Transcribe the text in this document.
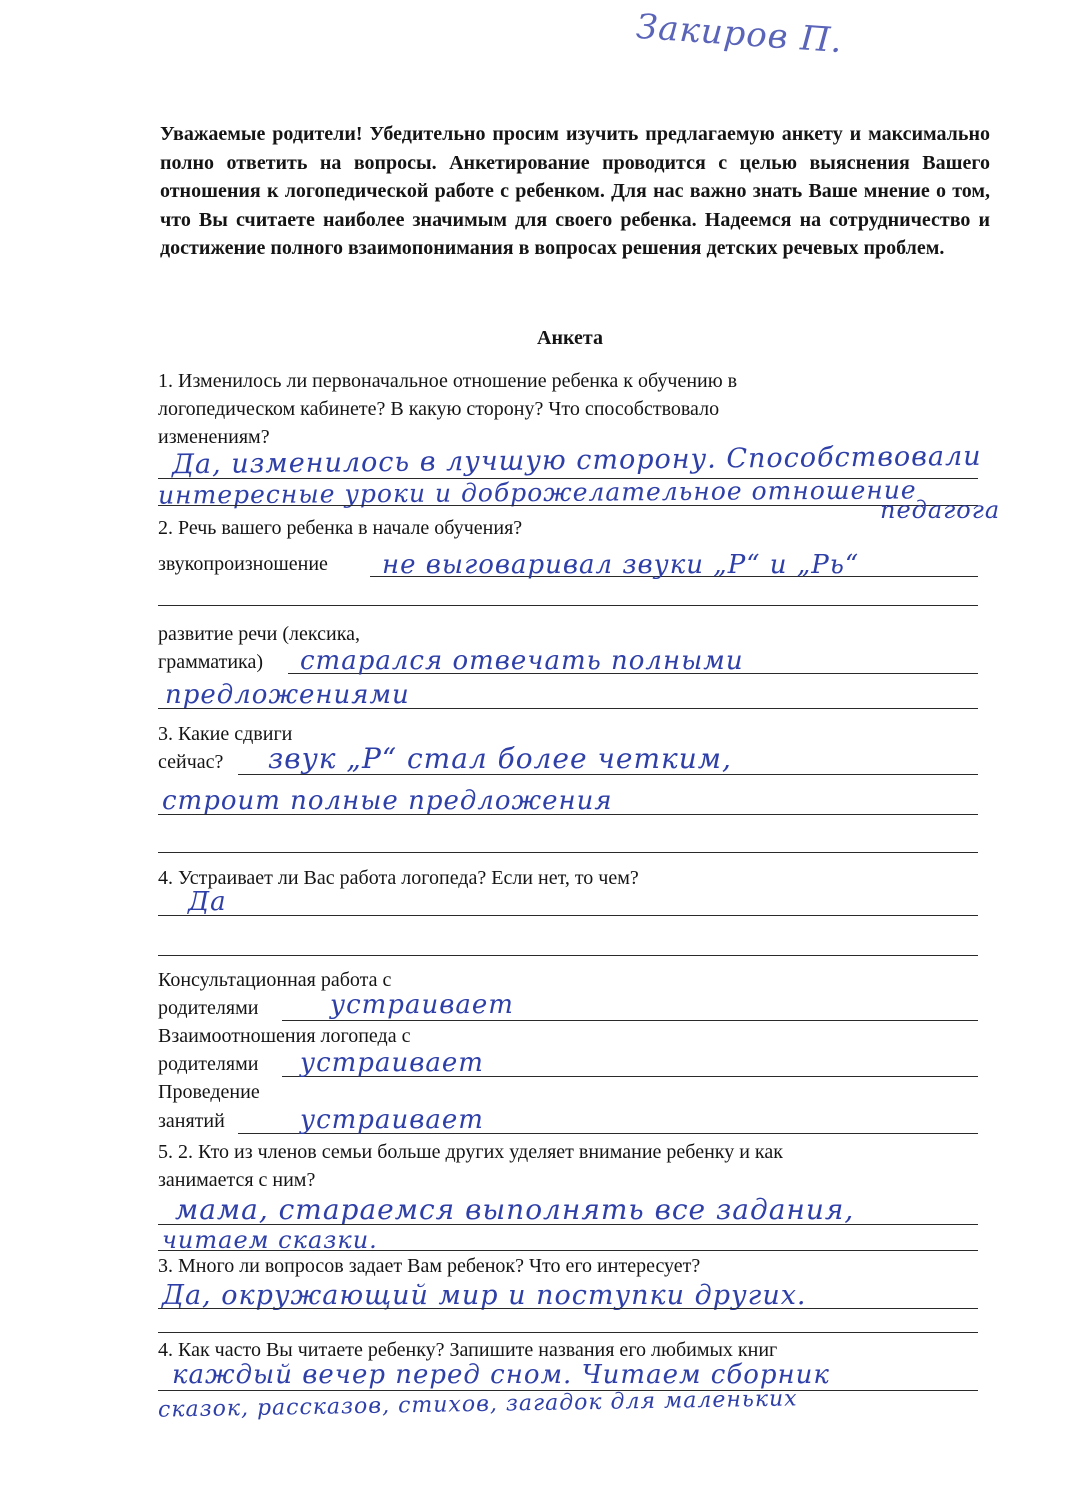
Закиров П.
Уважаемые родители! Убедительно просим изучить предлагаемую анкету и максимально полно ответить на вопросы. Анкетирование проводится с целью выяснения Вашего отношения к логопедической работе с ребенком. Для нас важно знать Ваше мнение о том, что Вы считаете наиболее значимым для своего ребенка. Надеемся на сотрудничество и достижение полного взаимопонимания в вопросах решения детских речевых проблем.
Анкета
1. Изменилось ли первоначальное отношение ребенка к обучению в
логопедическом кабинете? В какую сторону? Что способствовало
изменениям?
Да, изменилось в лучшую сторону. Способствовали
интересные уроки и доброжелательное отношение
педагога
2. Речь вашего ребенка в начале обучения?
звукопроизношение не выговаривал звуки „Р“ и „Рь“
развитие речи (лексика,
грамматика) старался отвечать полными
предложениями
3. Какие сдвиги
сейчас? звук „Р“ стал более четким,
строит полные предложения
4. Устраивает ли Вас работа логопеда? Если нет, то чем?
Да
Консультационная работа с
родителями	устраивает
Взаимоотношения логопеда с
родителями устраивает
Проведение
занятий	устраивает
5. 2. Кто из членов семьи больше других уделяет внимание ребенку и как
занимается с ним?
мама, стараемся выполнять все задания,
читаем сказки.
3. Много ли вопросов задает Вам ребенок? Что его интересует?
Да, окружающий мир и поступки других.
4. Как часто Вы читаете ребенку? Запишите названия его любимых книг
каждый вечер перед сном. Читаем сборник
сказок, рассказов, стихов, загадок для маленьких
